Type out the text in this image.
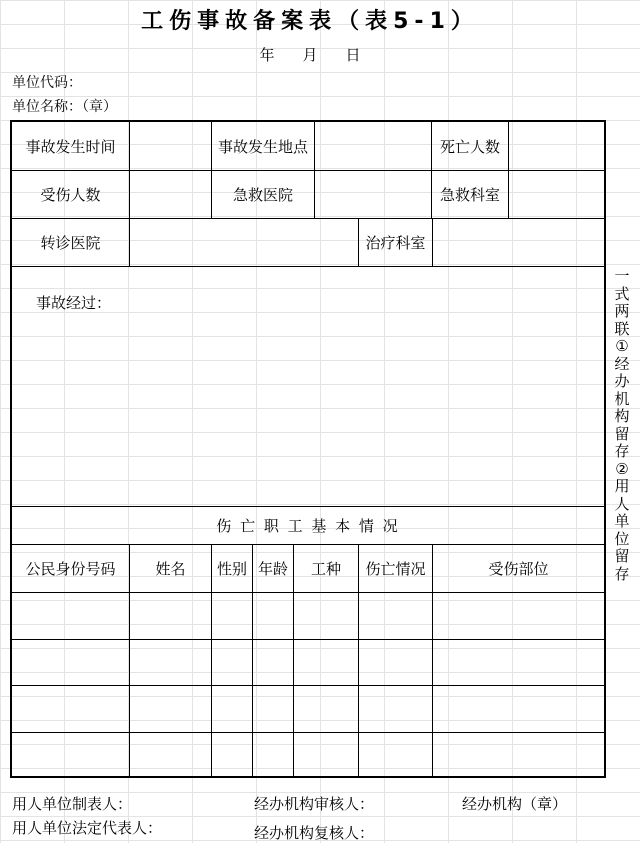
工伤事故备案表（表5-1）
年 月 日
单位代码：
单位名称：（章）
事故发生时间	事故发生地点	死亡人数
受伤人数	急救医院	急救科室
转诊医院	治疗科室
事故经过：
伤 亡 职 工 基 本 情 况
公民身份号码	姓名	性别 年龄	工种	伤亡情况	受伤部位
一式两联 ①经办机构留存 ②用人单位留存
用人单位制表人：
用人单位法定代表人：
经办机构审核人：
经办机构复核人：
经办机构（章）
